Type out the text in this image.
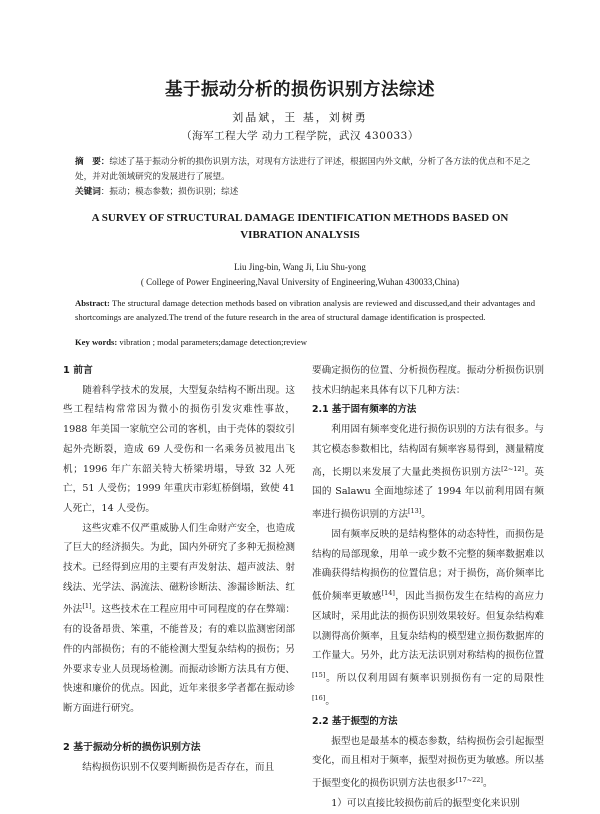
基于振动分析的损伤识别方法综述
刘晶斌，王 基，刘树勇
（海军工程大学 动力工程学院，武汉 430033）
摘　要：综述了基于振动分析的损伤识别方法，对现有方法进行了评述，根据国内外文献，分析了各方法的优点和不足之处，并对此领域研究的发展进行了展望。
关键词：振动；模态参数；损伤识别；综述
A SURVEY OF STRUCTURAL DAMAGE IDENTIFICATION METHODS BASED ON VIBRATION ANALYSIS
Liu Jing-bin, Wang Ji, Liu Shu-yong
( College of Power Engineering,Naval University of Engineering,Wuhan 430033,China)
Abstract: The structural damage detection methods based on vibration analysis are reviewed and discussed,and their advantages and shortcomings are analyzed.The trend of the future research in the area of structural damage identification is prospected.
Key words: vibration ; modal parameters;damage detection;review
1 前言

随着科学技术的发展，大型复杂结构不断出现。这些工程结构常常因为微小的损伤引发灾难性事故，1988 年美国一家航空公司的客机，由于壳体的裂纹引起外壳断裂，造成 69 人受伤和一名乘务员被甩出飞机；1996 年广东韶关特大桥梁坍塌，导致 32 人死亡，51 人受伤；1999 年重庆市彩虹桥倒塌，致使 41 人死亡，14 人受伤。

这些灾难不仅严重威胁人们生命财产安全，也造成了巨大的经济损失。为此，国内外研究了多种无损检测技术。已经得到应用的主要有声发射法、超声波法、射线法、光学法、涡流法、磁粉诊断法、渗漏诊断法、红外法[1]。这些技术在工程应用中可同程度的存在弊端：有的设备昂贵、笨重，不能普及；有的难以监测密闭部件的内部损伤；有的不能检测大型复杂结构的损伤；另外要求专业人员现场检测。而振动诊断方法具有方便、快速和廉价的优点。因此，近年来很多学者都在振动诊断方面进行研究。

2 基于振动分析的损伤识别方法

结构损伤识别不仅要判断损伤是否存在，而且

要确定损伤的位置、分析损伤程度。振动分析损伤识别技术归纳起来具体有以下几种方法：

2.1 基于固有频率的方法

利用固有频率变化进行损伤识别的方法有很多。与其它模态参数相比，结构固有频率容易得到，测量精度高，长期以来发展了大量此类损伤识别方法[2~12]。英国的 Salawu 全面地综述了 1994 年以前利用固有频率进行损伤识别的方法[13]。

固有频率反映的是结构整体的动态特性，而损伤是结构的局部现象，用单一或少数不完整的频率数据难以准确获得结构损伤的位置信息；对于损伤，高价频率比低价频率更敏感[14]，因此当损伤发生在结构的高应力区域时，采用此法的损伤识别效果较好。但复杂结构难以测得高价频率，且复杂结构的模型建立损伤数据库的工作量大。另外，此方法无法识别对称结构的损伤位置[15]。所以仅利用固有频率识别损伤有一定的局限性[16]。

2.2 基于振型的方法

振型也是最基本的模态参数，结构损伤会引起振型变化，而且相对于频率，振型对损伤更为敏感。所以基于振型变化的损伤识别方法也很多[17~22]。

1）可以直接比较损伤前后的振型变化来识别
